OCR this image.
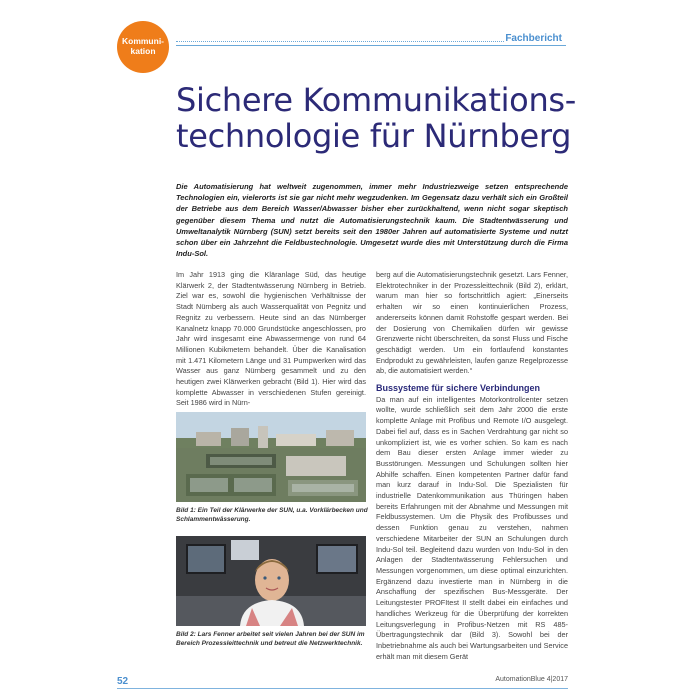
Kommuni-kation
Fachbericht
Sichere Kommunikations-
technologie für Nürnberg

Die Automatisierung hat weltweit zugenommen, immer mehr Industriezweige setzen entsprechende Technologien ein, vielerorts ist sie gar nicht mehr wegzudenken. Im Gegensatz dazu verhält sich ein Großteil der Betriebe aus dem Bereich Wasser/Abwasser bisher eher zurückhaltend, wenn nicht sogar skeptisch gegenüber diesem Thema und nutzt die Automatisierungstechnik kaum. Die Stadtentwässerung und Umweltanalytik Nürnberg (SUN) setzt bereits seit den 1980er Jahren auf automatisierte Systeme und nutzt schon über ein Jahrzehnt die Feldbustechnologie. Umgesetzt wurde dies mit Unterstützung durch die Firma Indu-Sol.

Im Jahr 1913 ging die Kläranlage Süd, das heutige Klärwerk 2, der Stadtentwässerung Nürnberg in Betrieb. Ziel war es, sowohl die hygienischen Verhältnisse der Stadt Nürnberg als auch Wasserqualität von Pegnitz und Regnitz zu verbessern. Heute sind an das Nürnberger Kanalnetz knapp 70.000 Grundstücke angeschlossen, pro Jahr wird insgesamt eine Abwassermenge von rund 64 Millionen Kubikmetern behandelt. Über die Kanalisation mit 1.471 Kilometern Länge und 31 Pumpwerken wird das Wasser aus ganz Nürnberg gesammelt und zu den heutigen zwei Klärwerken gebracht (Bild 1). Hier wird das komplette Abwasser in verschiedenen Stufen gereinigt. Seit 1986 wird in Nürn-

Bild 1: Ein Teil der Klärwerke der SUN, u.a. Vorklärbecken und Schlammentwässerung.

Bild 2: Lars Fenner arbeitet seit vielen Jahren bei der SUN im Bereich Prozessleittechnik und betreut die Netzwerktechnik.

berg auf die Automatisierungstechnik gesetzt. Lars Fenner, Elektrotechniker in der Prozessleittechnik (Bild 2), erklärt, warum man hier so fortschrittlich agiert: „Einerseits erhalten wir so einen kontinuierlichen Prozess, andererseits können damit Rohstoffe gespart werden. Bei der Dosierung von Chemikalien dürfen wir gewisse Grenzwerte nicht überschreiten, da sonst Fluss und Fische geschädigt werden. Um ein fortlaufend konstantes Endprodukt zu gewährleisten, laufen ganze Regelprozesse ab, die automatisiert werden.“

Bussysteme für sichere Verbindungen

Da man auf ein intelligentes Motorkontrollcenter setzen wollte, wurde schließlich seit dem Jahr 2000 die erste komplette Anlage mit Profibus und Remote I/O ausgelegt. Dabei fiel auf, dass es in Sachen Verdrahtung gar nicht so unkompliziert ist, wie es vorher schien. So kam es nach dem Bau dieser ersten Anlage immer wieder zu Busstörungen. Messungen und Schulungen sollten hier Abhilfe schaffen. Einen kompetenten Partner dafür fand man kurz darauf in Indu-Sol. Die Spezialisten für industrielle Datenkommunikation aus Thüringen haben bereits Erfahrungen mit der Abnahme und Messungen mit Feldbussystemen. Um die Physik des Profibusses und dessen Funktion genau zu verstehen, nahmen verschiedene Mitarbeiter der SUN an Schulungen durch Indu-Sol teil. Begleitend dazu wurden von Indu-Sol in den Anlagen der Stadtentwässerung Fehlersuchen und Messungen vorgenommen, um diese optimal einzurichten. Ergänzend dazu investierte man in Nürnberg in die Anschaffung der spezifischen Bus-Messgeräte. Der Leitungstester PROFItest II stellt dabei ein einfaches und handliches Werkzeug für die Überprüfung der korrekten Leitungsverlegung in Profibus-Netzen mit RS 485-Übertragungstechnik dar (Bild 3). Sowohl bei der Inbetriebnahme als auch bei Wartungsarbeiten und Service erhält man mit diesem Gerät

52	AutomationBlue 4|2017
